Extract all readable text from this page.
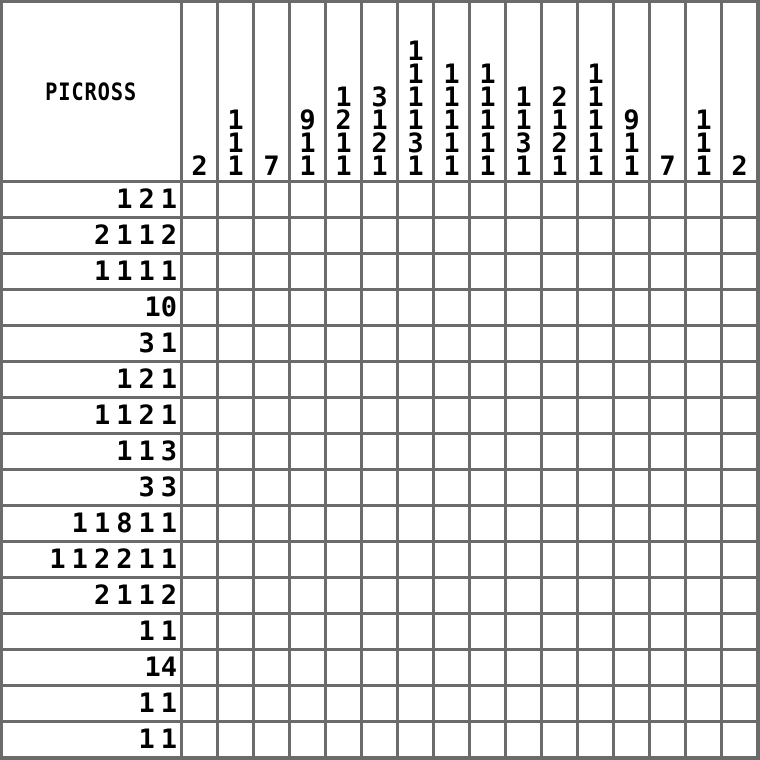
PICROSS
2
1
1
1 7
9
1
1
1
2
1
1
3
1
2
1
1
1
1
1
3
1
1
1
1
1
1
1
1
1
1
1
1
1
3
1
2
1
2
1
1
1
1
1
1
9
1
1 7
1
1
1 2
1 2 1
2 1 1 2
1 1 1 1
10
3 1
1 2 1
1 1 2 1
1 1 3
3 3
1 1 8 1 1
1 1 2 2 1 1
2 1 1 2
1 1
14
1 1
1 1
